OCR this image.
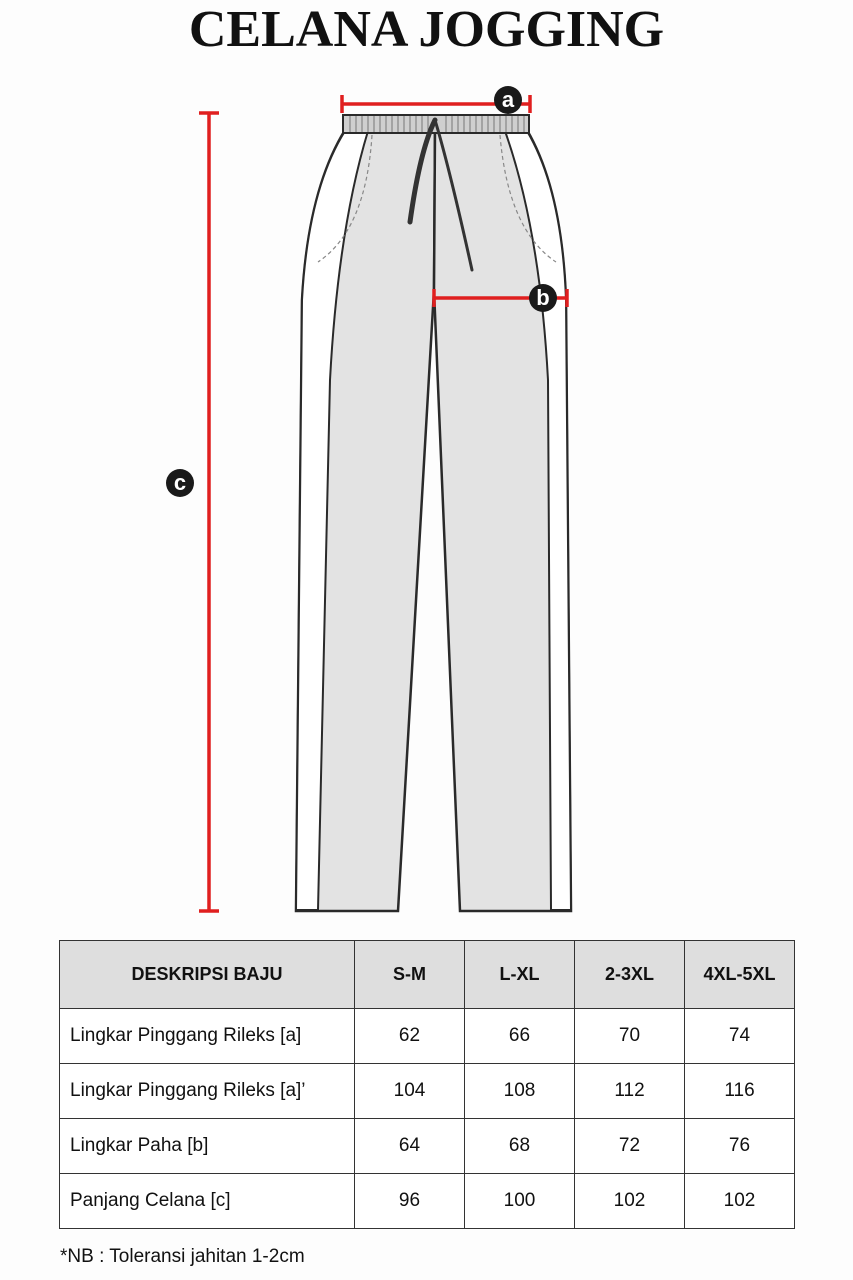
CELANA JOGGING
a
b
c
DESKRIPSI BAJU	S-M	L-XL	2-3XL	4XL-5XL
Lingkar Pinggang Rileks [a]	62	66	70	74
Lingkar Pinggang Rileks [a]’	104	108	112	116
Lingkar Paha [b]	64	68	72	76
Panjang Celana [c]	96	100	102	102
*NB : Toleransi jahitan 1-2cm
